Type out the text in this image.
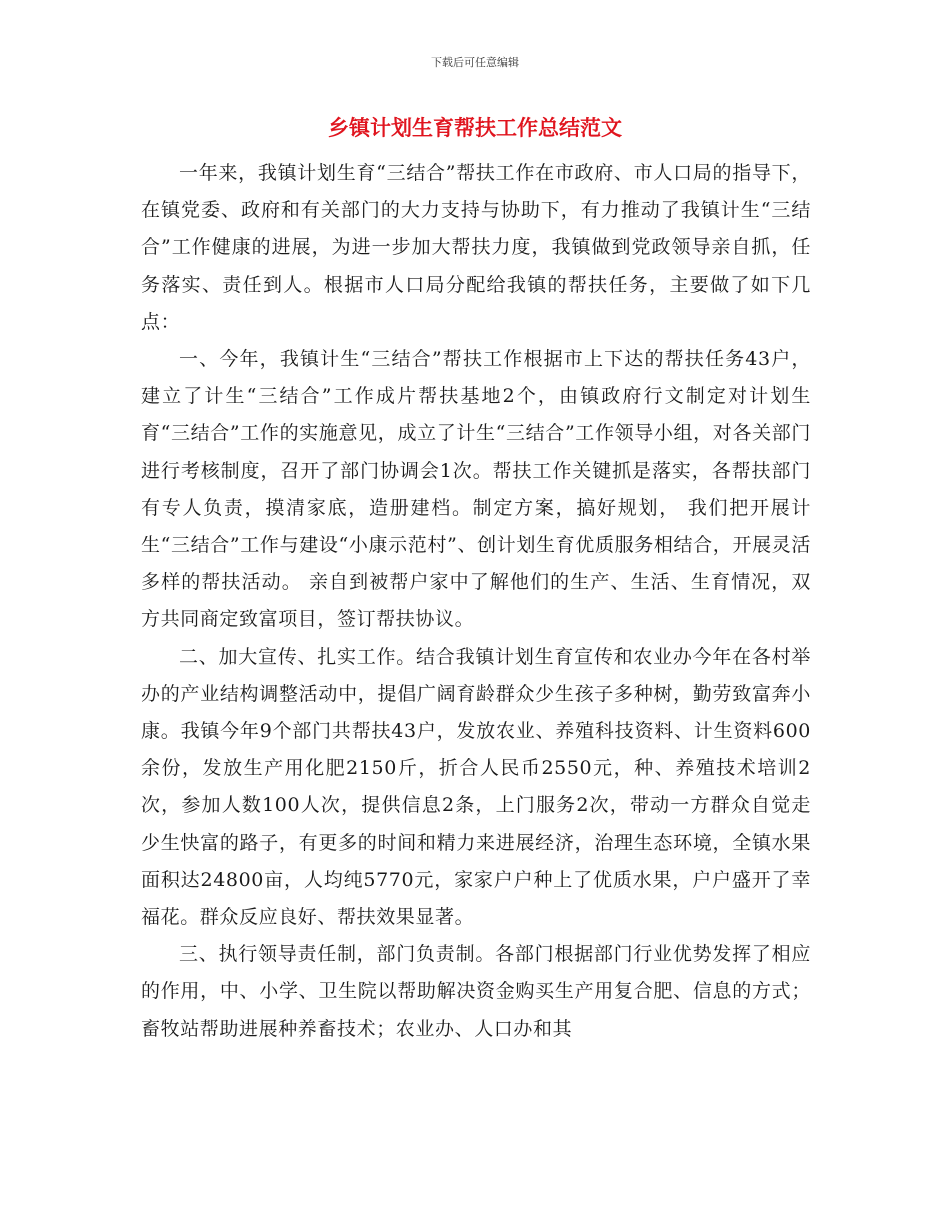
下载后可任意编辑
乡镇计划生育帮扶工作总结范文

一年来，我镇计划生育“三结合”帮扶工作在市政府、市人口局的指导下，在镇党委、政府和有关部门的大力支持与协助下，有力推动了我镇计生“三结合”工作健康的进展，为进一步加大帮扶力度，我镇做到党政领导亲自抓，任务落实、责任到人。根据市人口局分配给我镇的帮扶任务，主要做了如下几点：

一、今年，我镇计生“三结合”帮扶工作根据市上下达的帮扶任务43户，建立了计生“三结合”工作成片帮扶基地2个，由镇政府行文制定对计划生育“三结合”工作的实施意见，成立了计生“三结合”工作领导小组，对各关部门进行考核制度，召开了部门协调会1次。帮扶工作关键抓是落实，各帮扶部门有专人负责，摸清家底，造册建档。制定方案，搞好规划， 我们把开展计生“三结合”工作与建设“小康示范村”、创计划生育优质服务相结合，开展灵活多样的帮扶活动。 亲自到被帮户家中了解他们的生产、生活、生育情况，双方共同商定致富项目，签订帮扶协议。

二、加大宣传、扎实工作。结合我镇计划生育宣传和农业办今年在各村举办的产业结构调整活动中，提倡广阔育龄群众少生孩子多种树，勤劳致富奔小康。我镇今年9个部门共帮扶43户，发放农业、养殖科技资料、计生资料600余份，发放生产用化肥2150斤，折合人民币2550元，种、养殖技术培训2次，参加人数100人次，提供信息2条，上门服务2次，带动一方群众自觉走少生快富的路子，有更多的时间和精力来进展经济，治理生态环境，全镇水果面积达24800亩，人均纯5770元，家家户户种上了优质水果，户户盛开了幸福花。群众反应良好、帮扶效果显著。

三、执行领导责任制，部门负责制。各部门根据部门行业优势发挥了相应的作用，中、小学、卫生院以帮助解决资金购买生产用复合肥、信息的方式；畜牧站帮助进展种养畜技术；农业办、人口办和其
